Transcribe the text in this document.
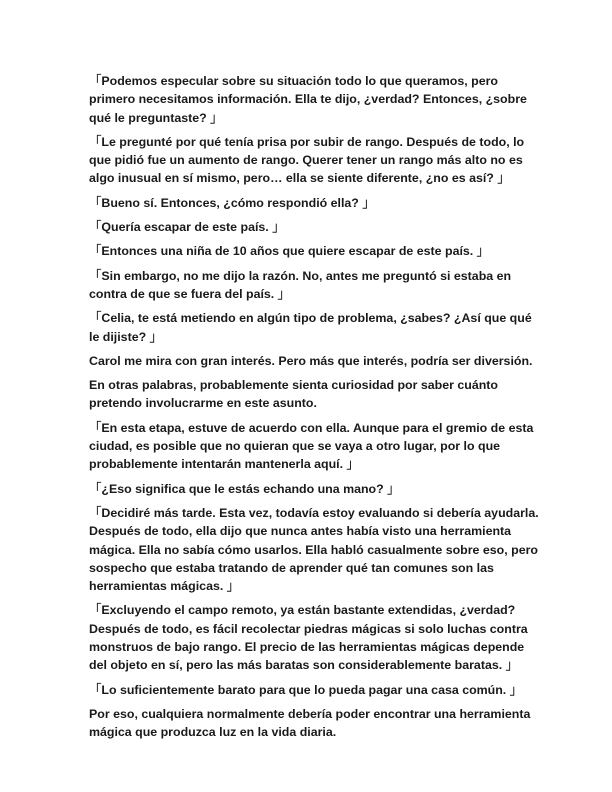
「Podemos especular sobre su situación todo lo que queramos, pero
primero necesitamos información. Ella te dijo, ¿verdad? Entonces, ¿sobre
qué le preguntaste? 」
「Le pregunté por qué tenía prisa por subir de rango. Después de todo, lo
que pidió fue un aumento de rango. Querer tener un rango más alto no es
algo inusual en sí mismo, pero… ella se siente diferente, ¿no es así? 」
「Bueno sí. Entonces, ¿cómo respondió ella? 」
「Quería escapar de este país. 」
「Entonces una niña de 10 años que quiere escapar de este país. 」
「Sin embargo, no me dijo la razón. No, antes me preguntó si estaba en
contra de que se fuera del país. 」
「Celia, te está metiendo en algún tipo de problema, ¿sabes? ¿Así que qué
le dijiste? 」
Carol me mira con gran interés. Pero más que interés, podría ser diversión.
En otras palabras, probablemente sienta curiosidad por saber cuánto
pretendo involucrarme en este asunto.
「En esta etapa, estuve de acuerdo con ella. Aunque para el gremio de esta
ciudad, es posible que no quieran que se vaya a otro lugar, por lo que
probablemente intentarán mantenerla aquí. 」
「¿Eso significa que le estás echando una mano? 」
「Decidiré más tarde. Esta vez, todavía estoy evaluando si debería ayudarla.
Después de todo, ella dijo que nunca antes había visto una herramienta
mágica. Ella no sabía cómo usarlos. Ella habló casualmente sobre eso, pero
sospecho que estaba tratando de aprender qué tan comunes son las
herramientas mágicas. 」
「Excluyendo el campo remoto, ya están bastante extendidas, ¿verdad?
Después de todo, es fácil recolectar piedras mágicas si solo luchas contra
monstruos de bajo rango. El precio de las herramientas mágicas depende
del objeto en sí, pero las más baratas son considerablemente baratas. 」
「Lo suficientemente barato para que lo pueda pagar una casa común. 」
Por eso, cualquiera normalmente debería poder encontrar una herramienta
mágica que produzca luz en la vida diaria.
